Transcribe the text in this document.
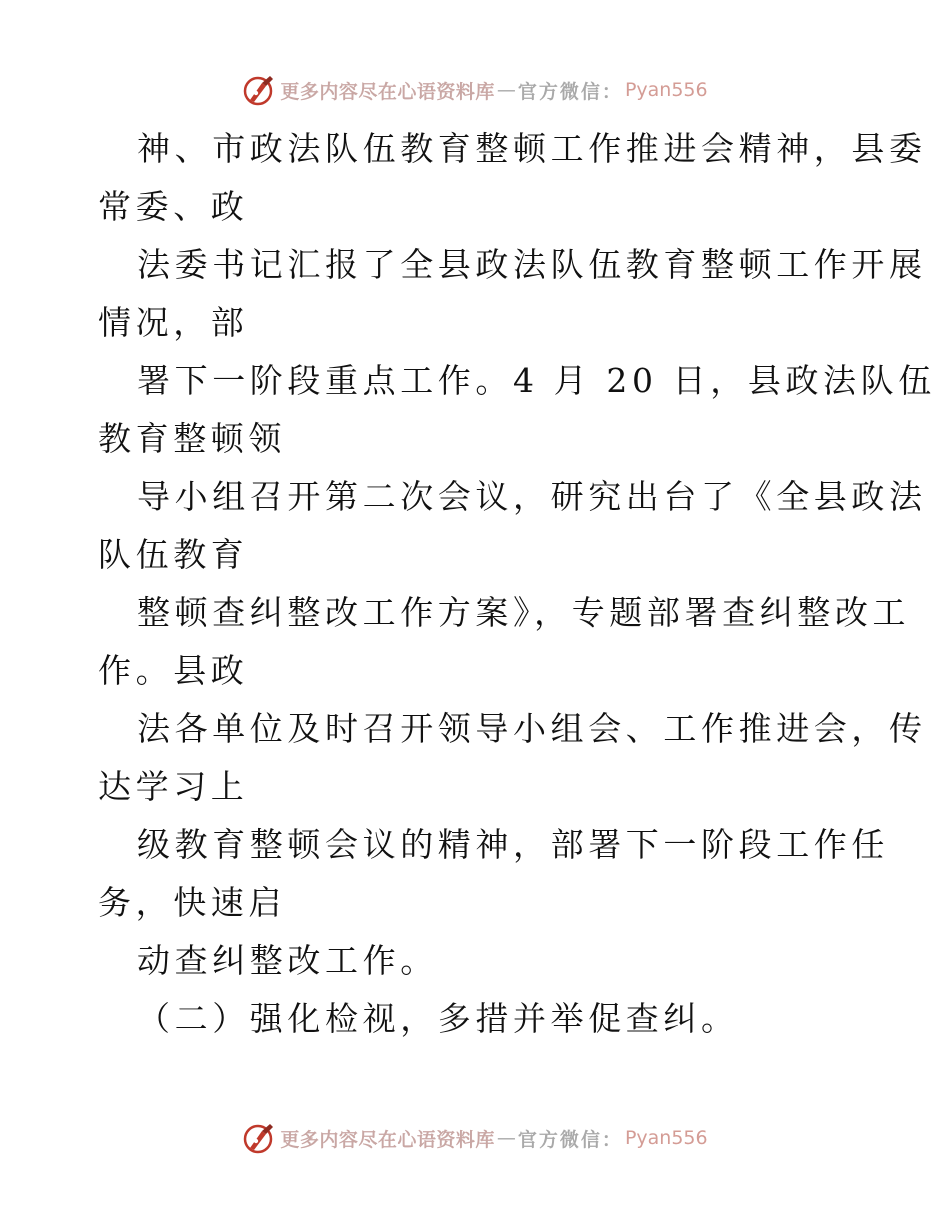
更多内容尽在心语资料库 — 官方微信： Pyan556
神、市政法队伍教育整顿工作推进会精神，县委
常委、政
法委书记汇报了全县政法队伍教育整顿工作开展
情况，部
署下一阶段重点工作。4 月 20 日，县政法队伍
教育整顿领
导小组召开第二次会议，研究出台了《全县政法
队伍教育
整顿查纠整改工作方案》，专题部署查纠整改工
作。县政
法各单位及时召开领导小组会、工作推进会，传
达学习上
级教育整顿会议的精神，部署下一阶段工作任
务，快速启
动查纠整改工作。
（二）强化检视，多措并举促查纠。
更多内容尽在心语资料库 — 官方微信： Pyan556
